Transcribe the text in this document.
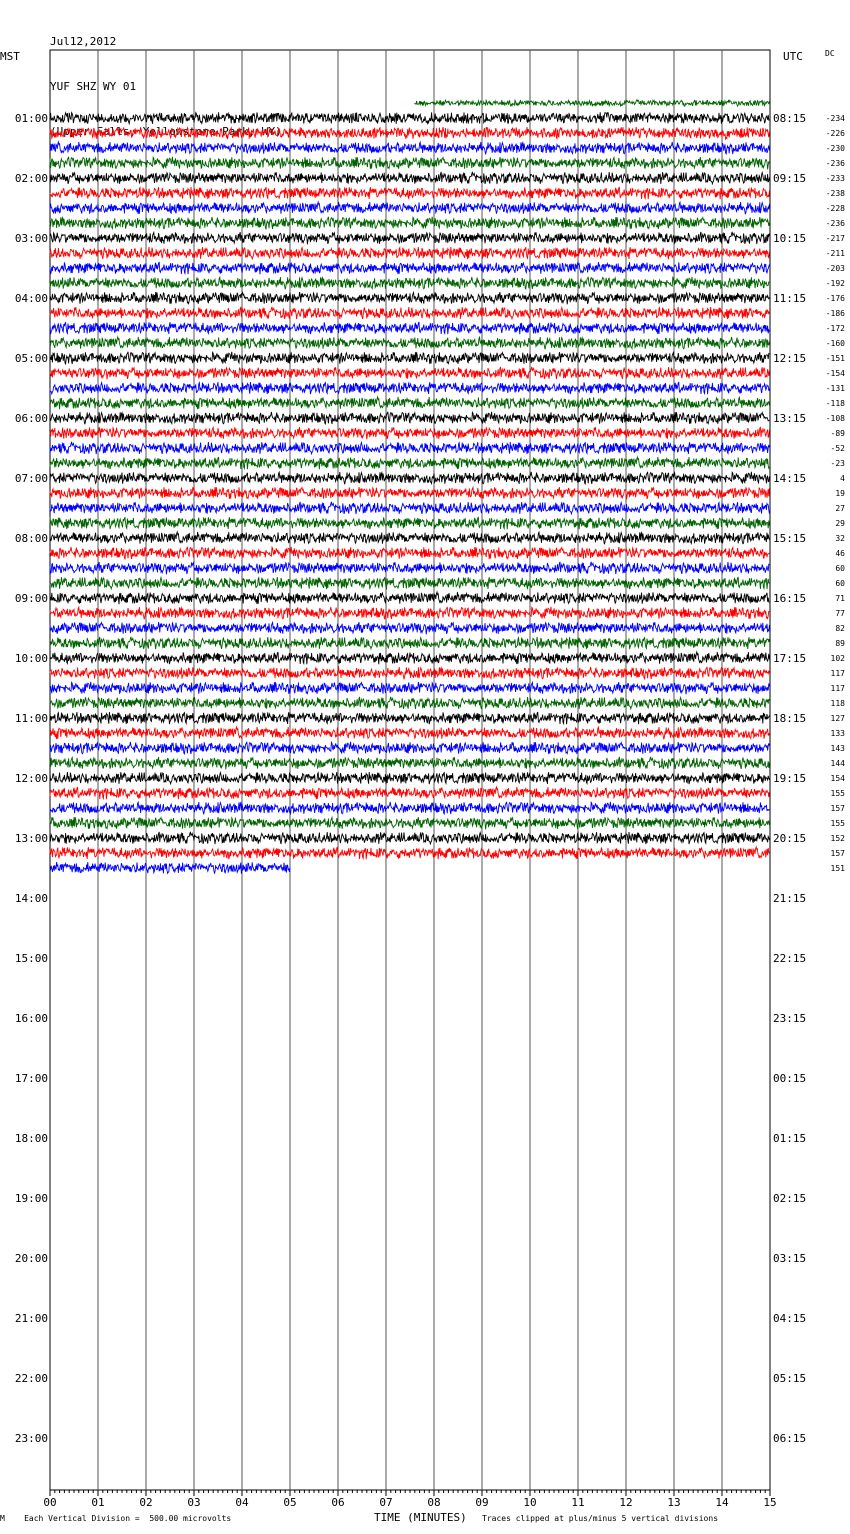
Jul12,2012

YUF SHZ WY 01

(Upper Falls, Yellowstone Park, WY)

MST	UTC	DC
00	01	02	03	04	05	06	07	08	09	10	11	12	13	14	15
01:00
02:00
03:00
04:00
05:00
06:00
07:00
08:00
09:00
10:00
11:00
12:00
13:00
14:00
15:00
16:00
17:00
18:00
19:00
20:00
21:00
22:00
23:00
08:15
09:15
10:15
11:15
12:15
13:15
14:15
15:15
16:15
17:15
18:15
19:15
20:15
21:15
22:15
23:15
00:15
01:15
02:15
03:15
04:15
05:15
06:15
-234
-226
-230
-236
-233
-238
-228
-236
-217
-211
-203
-192
-176
-186
-172
-160
-151
-154
-131
-118
-108
-89
-52
-23
4
19
27
29
32
46
60
60
71
77
82
89
102
117
117
118
127
133
143
144
154
155
157
155
152
157
151
M Each Vertical Division =  500.00 microvolts	TIME (MINUTES) Traces clipped at plus/minus 5 vertical divisions
